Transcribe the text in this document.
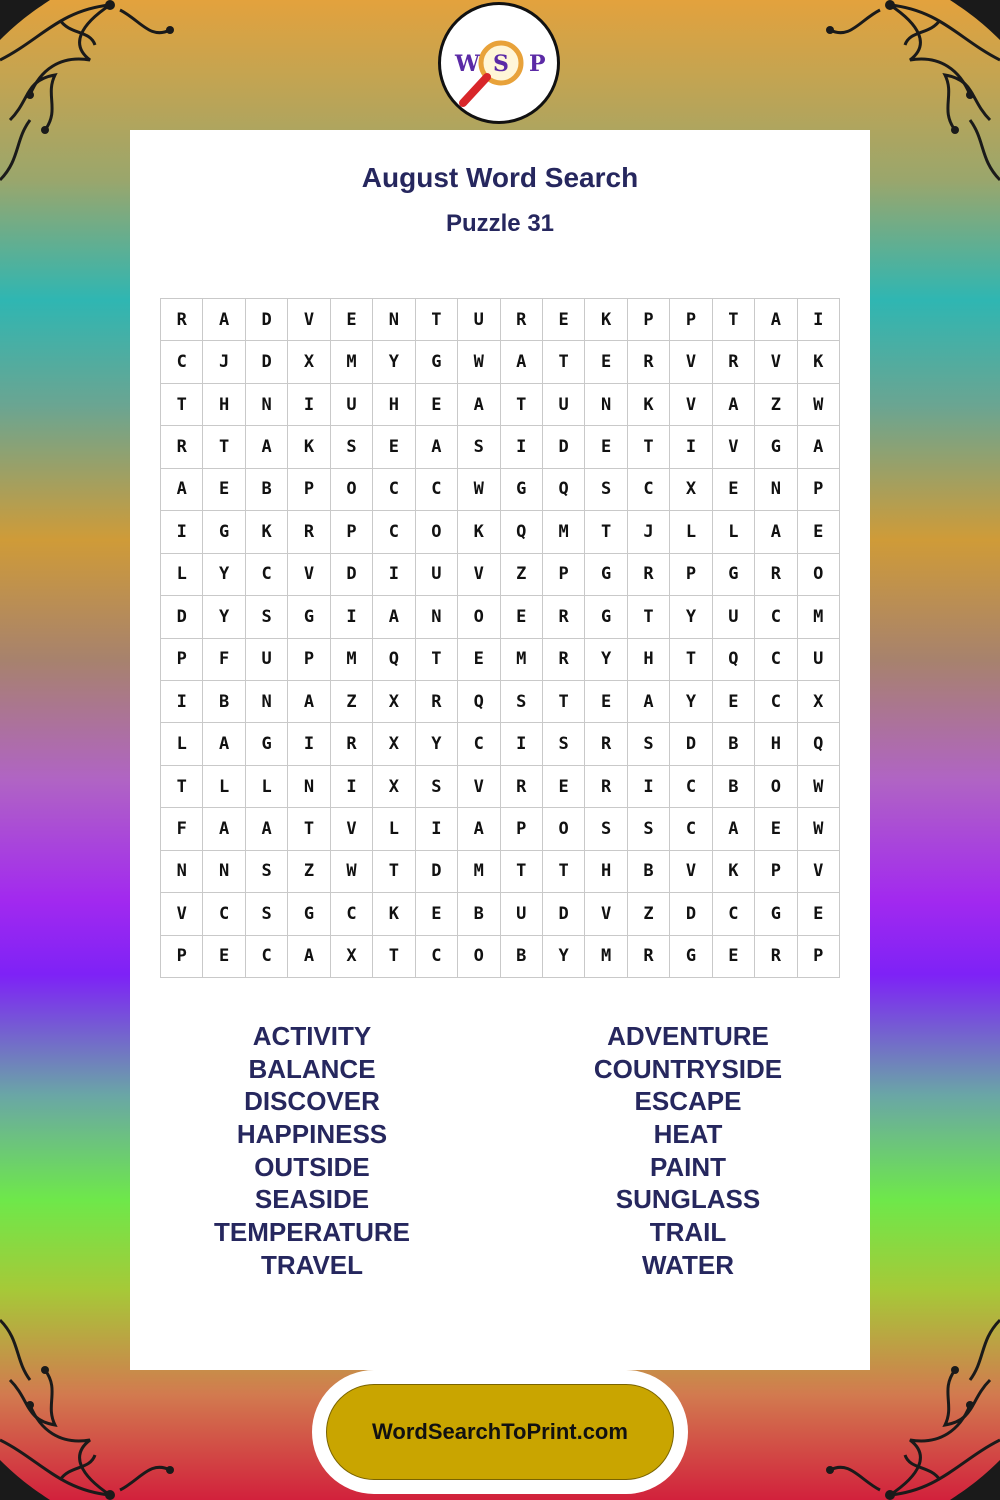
W S P
August Word Search
Puzzle 31
R	A	D	V	E	N	T	U	R	E	K	P	P	T	A	I
C	J	D	X	M	Y	G	W	A	T	E	R	V	R	V	K
T	H	N	I	U	H	E	A	T	U	N	K	V	A	Z	W
R	T	A	K	S	E	A	S	I	D	E	T	I	V	G	A
A	E	B	P	O	C	C	W	G	Q	S	C	X	E	N	P
I	G	K	R	P	C	O	K	Q	M	T	J	L	L	A	E
L	Y	C	V	D	I	U	V	Z	P	G	R	P	G	R	O
D	Y	S	G	I	A	N	O	E	R	G	T	Y	U	C	M
P	F	U	P	M	Q	T	E	M	R	Y	H	T	Q	C	U
I	B	N	A	Z	X	R	Q	S	T	E	A	Y	E	C	X
L	A	G	I	R	X	Y	C	I	S	R	S	D	B	H	Q
T	L	L	N	I	X	S	V	R	E	R	I	C	B	O	W
F	A	A	T	V	L	I	A	P	O	S	S	C	A	E	W
N	N	S	Z	W	T	D	M	T	T	H	B	V	K	P	V
V	C	S	G	C	K	E	B	U	D	V	Z	D	C	G	E
P	E	C	A	X	T	C	O	B	Y	M	R	G	E	R	P
ACTIVITY
BALANCE
DISCOVER
HAPPINESS
OUTSIDE
SEASIDE
TEMPERATURE
TRAVEL
ADVENTURE
COUNTRYSIDE
ESCAPE
HEAT
PAINT
SUNGLASS
TRAIL
WATER
WordSearchToPrint.com
